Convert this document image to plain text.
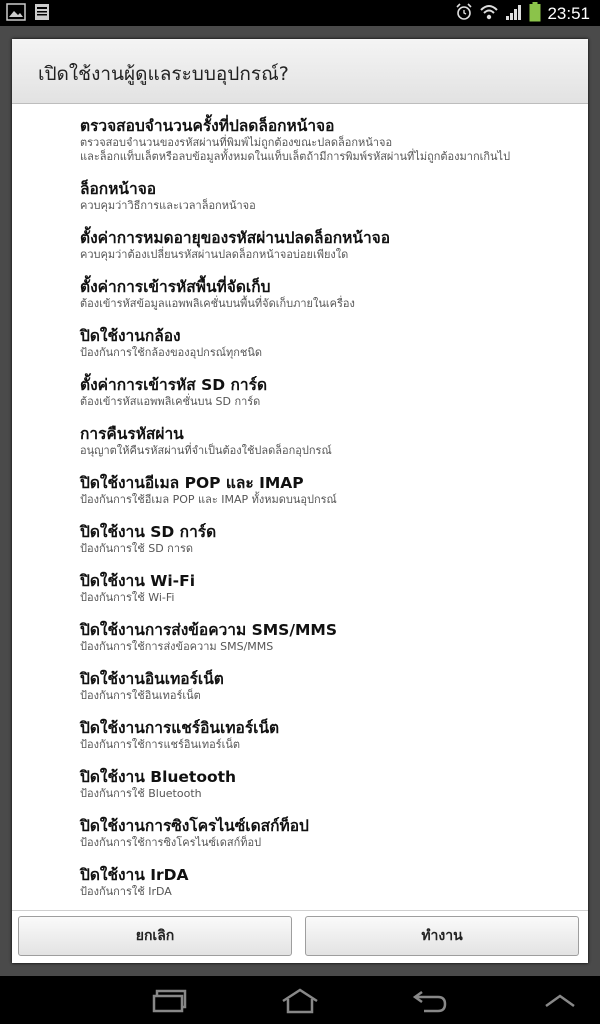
23:51
เปิดใช้งานผู้ดูแลระบบอุปกรณ์?
ตรวจสอบจำนวนครั้งที่ปลดล็อกหน้าจอ
ตรวจสอบจำนวนของรหัสผ่านที่พิมพ์ไม่ถูกต้องขณะปลดล็อกหน้าจอ
และล็อกแท็บเล็ตหรือลบข้อมูลทั้งหมดในแท็บเล็ตถ้ามีการพิมพ์รหัสผ่านที่ไม่ถูกต้องมากเกินไป
ล็อกหน้าจอ
ควบคุมว่าวิธีการและเวลาล็อกหน้าจอ
ตั้งค่าการหมดอายุของรหัสผ่านปลดล็อกหน้าจอ
ควบคุมว่าต้องเปลี่ยนรหัสผ่านปลดล็อกหน้าจอบ่อยเพียงใด
ตั้งค่าการเข้ารหัสพื้นที่จัดเก็บ
ต้องเข้ารหัสข้อมูลแอพพลิเคชั่นบนพื้นที่จัดเก็บภายในเครื่อง
ปิดใช้งานกล้อง
ป้องกันการใช้กล้องของอุปกรณ์ทุกชนิด
ตั้งค่าการเข้ารหัส SD การ์ด
ต้องเข้ารหัสแอพพลิเคชั่นบน SD การ์ด
การคืนรหัสผ่าน
อนุญาตให้คืนรหัสผ่านที่จำเป็นต้องใช้ปลดล็อกอุปกรณ์
ปิดใช้งานอีเมล POP และ IMAP
ป้องกันการใช้อีเมล POP และ IMAP ทั้งหมดบนอุปกรณ์
ปิดใช้งาน SD การ์ด
ป้องกันการใช้ SD การด
ปิดใช้งาน Wi-Fi
ป้องกันการใช้ Wi-Fi
ปิดใช้งานการส่งข้อความ SMS/MMS
ป้องกันการใช้การส่งข้อความ SMS/MMS
ปิดใช้งานอินเทอร์เน็ต
ป้องกันการใช้อินเทอร์เน็ต
ปิดใช้งานการแชร์อินเทอร์เน็ต
ป้องกันการใช้การแชร์อินเทอร์เน็ต
ปิดใช้งาน Bluetooth
ป้องกันการใช้ Bluetooth
ปิดใช้งานการซิงโครไนซ์เดสก์ท็อป
ป้องกันการใช้การซิงโครไนซ์เดสก์ท็อป
ปิดใช้งาน IrDA
ป้องกันการใช้ IrDA
ยกเลิก	ทำงาน
